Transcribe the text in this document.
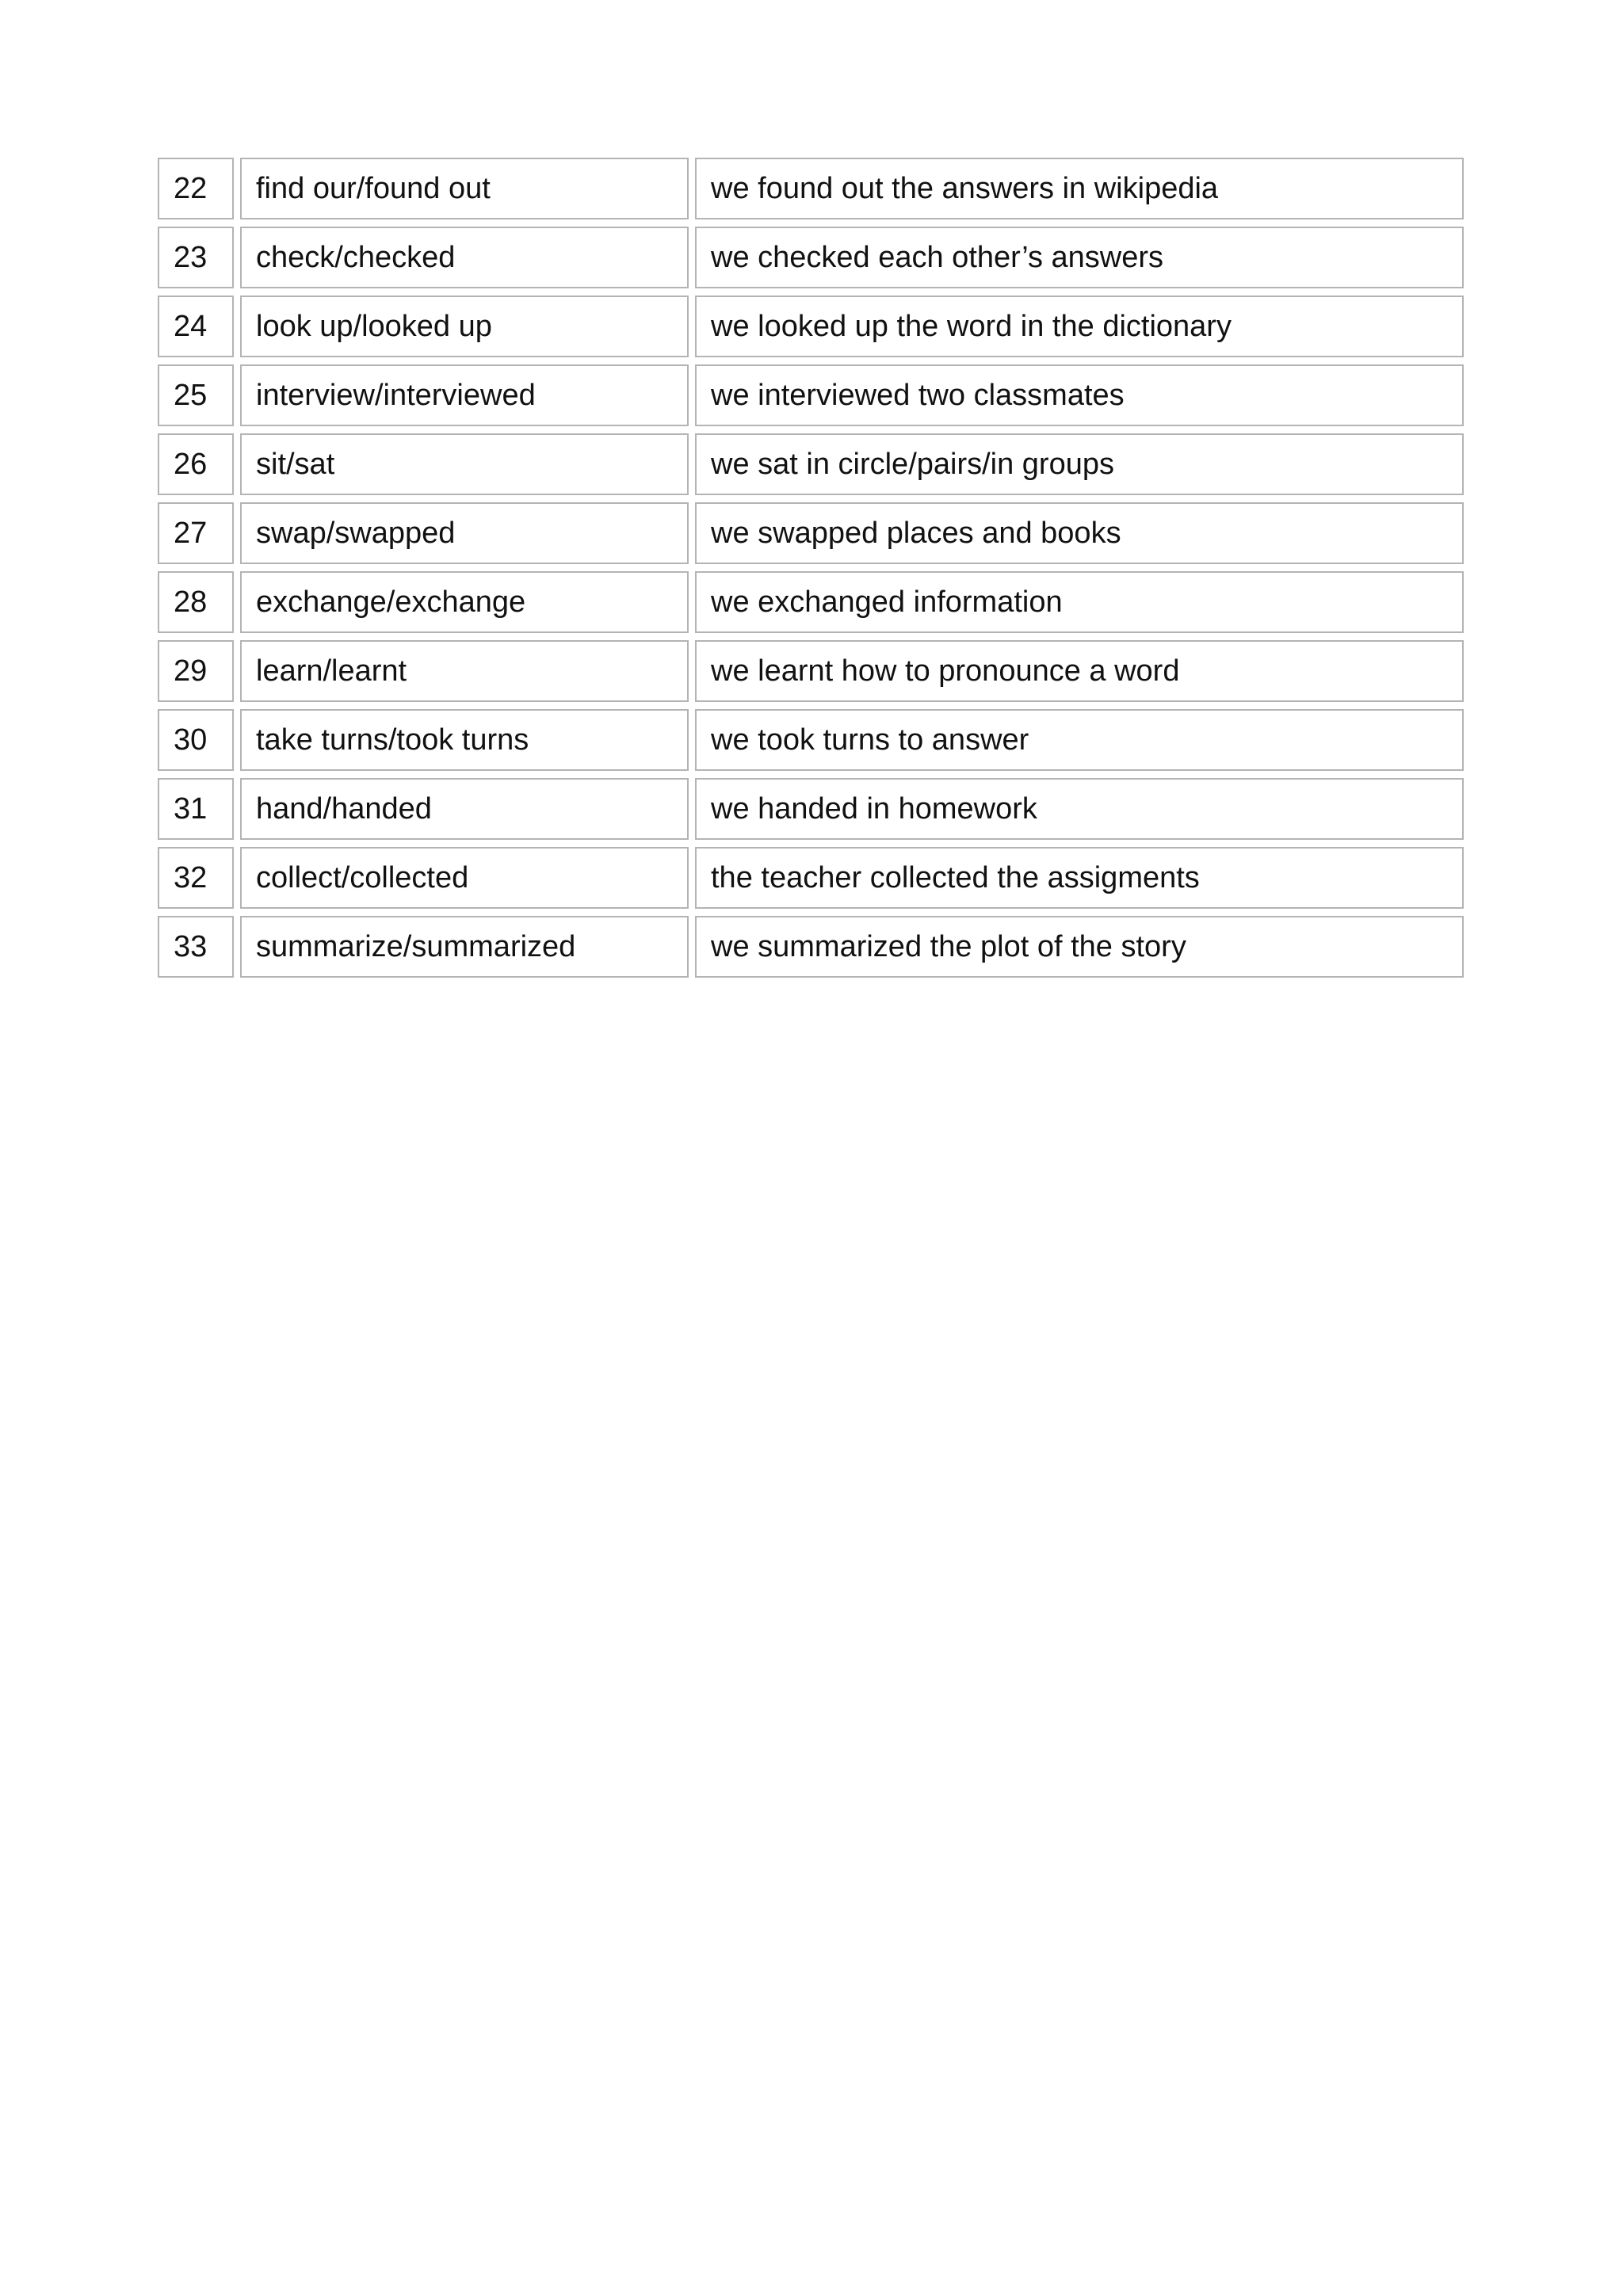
22	find our/found out	we found out the answers in wikipedia
23	check/checked	we checked each other’s answers
24	look up/looked up	we looked up the word in the dictionary
25	interview/interviewed	we interviewed two classmates
26	sit/sat	we sat in circle/pairs/in groups
27	swap/swapped	we swapped places and books
28	exchange/exchange	we exchanged information
29	learn/learnt	we learnt how to pronounce a word
30	take turns/took turns	we took turns to answer
31	hand/handed	we handed in homework
32	collect/collected	the teacher collected the assigments
33	summarize/summarized	we summarized the plot of the story
